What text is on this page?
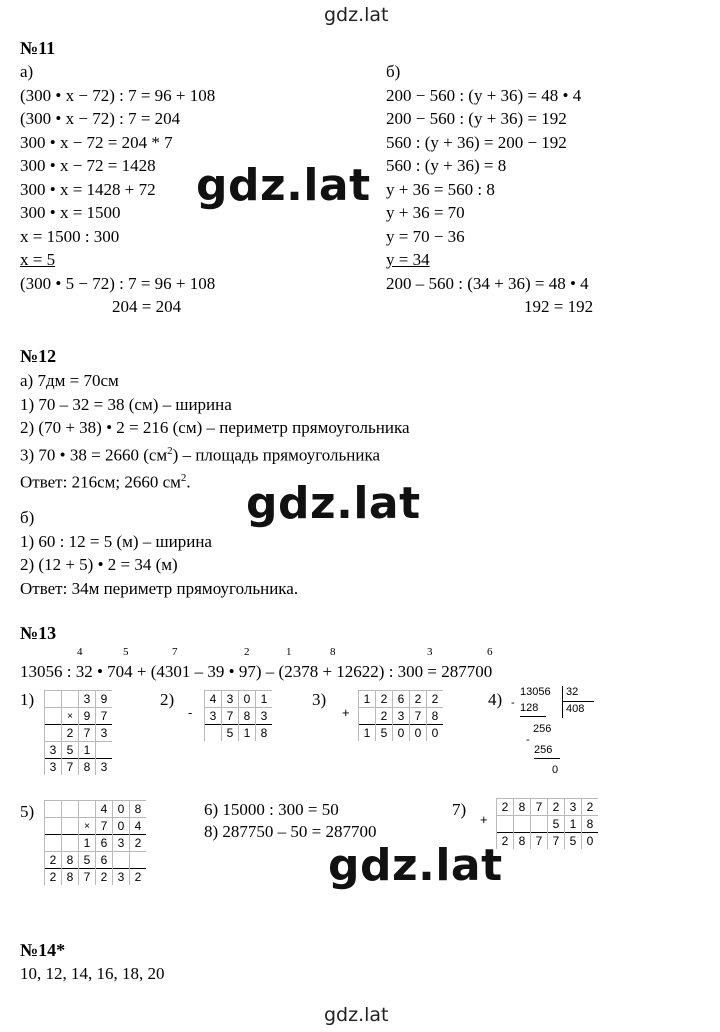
gdz.lat
gdz.lat
gdz.lat
gdz.lat
gdz.lat
№11
а)
(300 • x − 72) : 7 = 96 + 108
(300 • x − 72) : 7 = 204
300 • x − 72 = 204 * 7
300 • x − 72 = 1428
300 • x = 1428 + 72
300 • x = 1500
x = 1500 : 300
x = 5
(300 • 5 − 72) : 7 = 96 + 108
204 = 204
б)
200 − 560 : (y + 36) = 48 • 4
200 − 560 : (y + 36) = 192
560 : (y + 36) = 200 − 192
560 : (y + 36) = 8
y + 36 = 560 : 8
y + 36 = 70
y = 70 − 36
y = 34
200 – 560 : (34 + 36) = 48 • 4
192 = 192
№12
а) 7дм = 70см
1) 70 – 32 = 38 (см) – ширина
2) (70 + 38) • 2 = 216 (см) – периметр прямоугольника
3) 70 • 38 = 2660 $(см^2)$ – площадь прямоугольника
Ответ: 216см; 2660 $см^2$.
б)
1) 60 : 12 = 5 (м) – ширина
2) (12 + 5) • 2 = 34 (м)
Ответ: 34м периметр прямоугольника.
№13
4	5	7	2	1	8	3	6
13056 : 32 • 704 + (4301 – 39 • 97) – (2378 + 12622) : 300 = 287700
1)
			3	9
	×	9	7
	2	7	3
3	5	1	
3	7	8	3
2)
-
4	3	0	1
3	7	8	3
	5	1	8
3)
+
1	2	6	2	2
	2	3	7	8
1	5	0	0	0
4) 13056 32
- 128	408
256
-
256
0
5)
				4	0	8
		×	7	0	4
		1	6	3	2
2	8	5	6		
2	8	7	2	3	2
6) 15000 : 300 = 50
8) 287750 – 50 = 287700
7)
+
2	8	7	2	3	2
			5	1	8
2	8	7	7	5	0
№14*
10, 12, 14, 16, 18, 20
